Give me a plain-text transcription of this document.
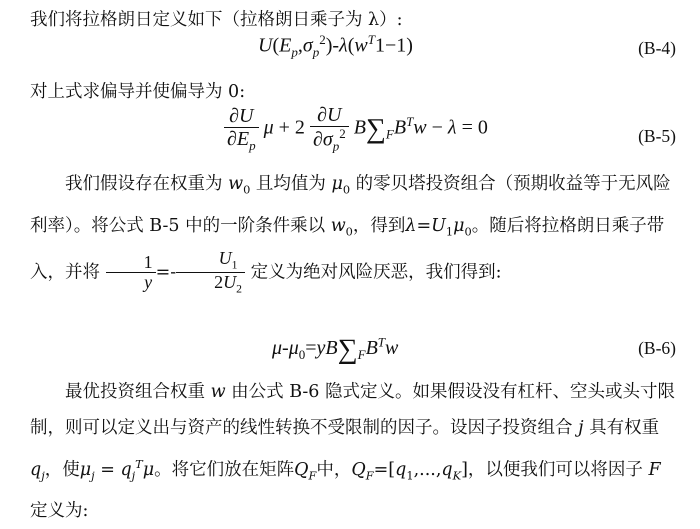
我们将拉格朗日定义如下（拉格朗日乘子为 λ）:
$U(E_p,\sigma_p^2)-\lambda(w^T1-1)$	(B-4)
对上式求偏导并使偏导为 0:
$\frac{\partial U}{\partial E_p}$ $\mu + 2 \frac{\partial U}{\partial\sigma_p^2} B\sum_FB^Tw - \lambda = 0$	(B-5)
我们假设存在权重为 $w_0$ 且均值为 $\mu_0$ 的零贝塔投资组合（预期收益等于无风险利率）。将公式 B-5 中的一阶条件乘以 $w_0$，得到$\lambda=U_1\mu_0$。随后将拉格朗日乘子带入，并将 $\frac{1}{y} =- \frac{U_1}{2U_2}$ 定义为绝对风险厌恶，我们得到:
$\mu-\mu_0=yB\sum_FB^Tw$	(B-6)
最优投资组合权重 w 由公式 B-6 隐式定义。如果假设没有杠杆、空头或头寸限制，则可以定义出与资产的线性转换不受限制的因子。设因子投资组合 j 具有权重 $q_j$，使$\mu_j = q_j^T\mu$。将它们放在矩阵$Q_F$中，$Q_F=[q_1,...,q_K]$，以便我们可以将因子 F 定义为:
